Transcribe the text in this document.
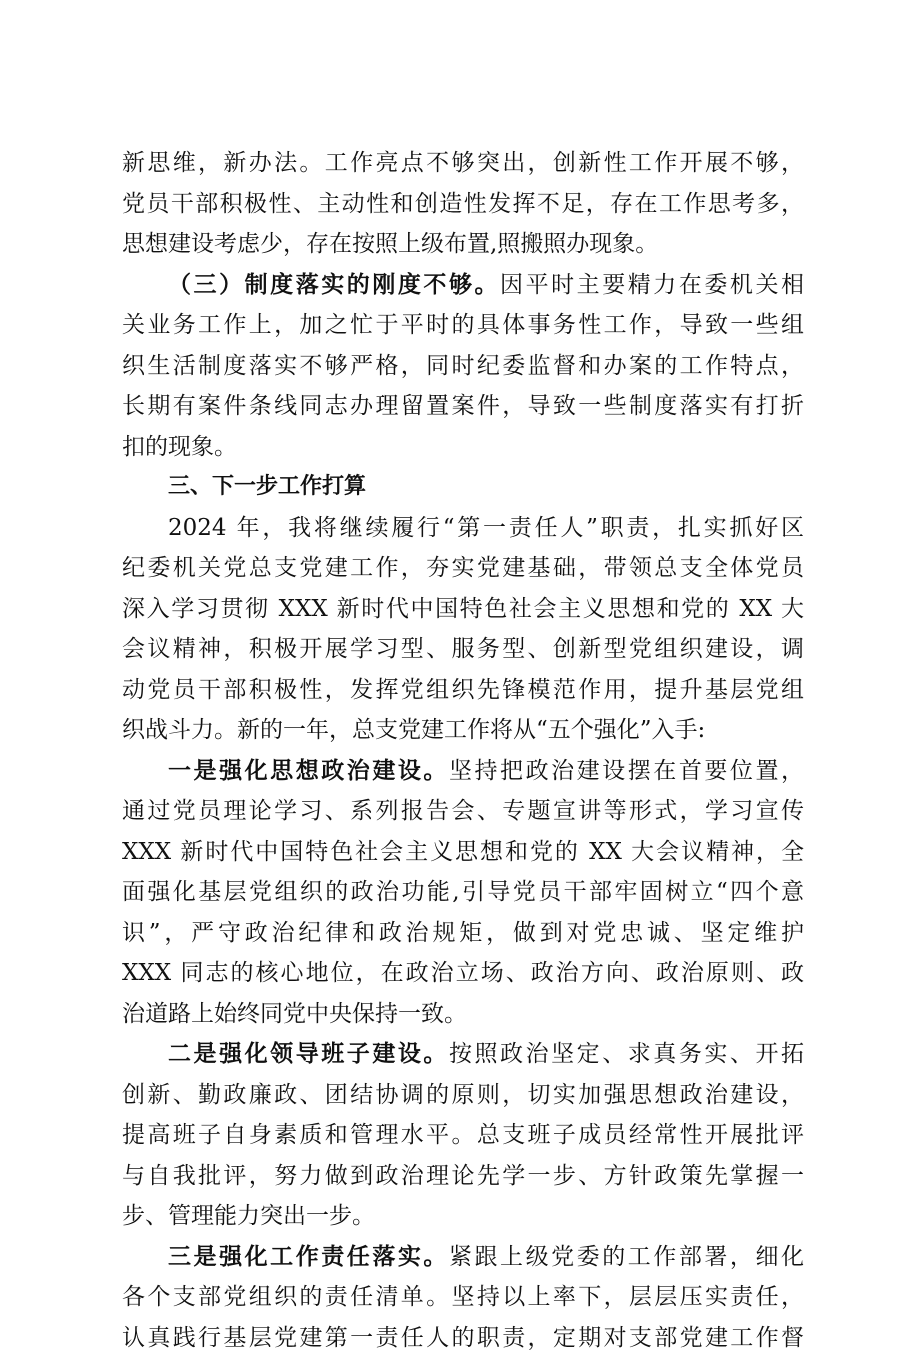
新思维，新办法。工作亮点不够突出，创新性工作开展不够，
党员干部积极性、主动性和创造性发挥不足，存在工作思考多，
思想建设考虑少，存在按照上级布置,照搬照办现象。
（三）制度落实的刚度不够。因平时主要精力在委机关相
关业务工作上，加之忙于平时的具体事务性工作，导致一些组
织生活制度落实不够严格，同时纪委监督和办案的工作特点，
长期有案件条线同志办理留置案件，导致一些制度落实有打折
扣的现象。
三、下一步工作打算
2024 年，我将继续履行“第一责任人”职责，扎实抓好区
纪委机关党总支党建工作，夯实党建基础，带领总支全体党员
深入学习贯彻 XXX 新时代中国特色社会主义思想和党的 XX 大
会议精神，积极开展学习型、服务型、创新型党组织建设，调
动党员干部积极性，发挥党组织先锋模范作用，提升基层党组
织战斗力。新的一年，总支党建工作将从“五个强化”入手:
一是强化思想政治建设。坚持把政治建设摆在首要位置，
通过党员理论学习、系列报告会、专题宣讲等形式，学习宣传
XXX 新时代中国特色社会主义思想和党的 XX 大会议精神，全
面强化基层党组织的政治功能,引导党员干部牢固树立“四个意
识”，严守政治纪律和政治规矩，做到对党忠诚、坚定维护
XXX 同志的核心地位，在政治立场、政治方向、政治原则、政
治道路上始终同党中央保持一致。
二是强化领导班子建设。按照政治坚定、求真务实、开拓
创新、勤政廉政、团结协调的原则，切实加强思想政治建设，
提高班子自身素质和管理水平。总支班子成员经常性开展批评
与自我批评，努力做到政治理论先学一步、方针政策先掌握一
步、管理能力突出一步。
三是强化工作责任落实。紧跟上级党委的工作部署，细化
各个支部党组织的责任清单。坚持以上率下，层层压实责任，
认真践行基层党建第一责任人的职责，定期对支部党建工作督
